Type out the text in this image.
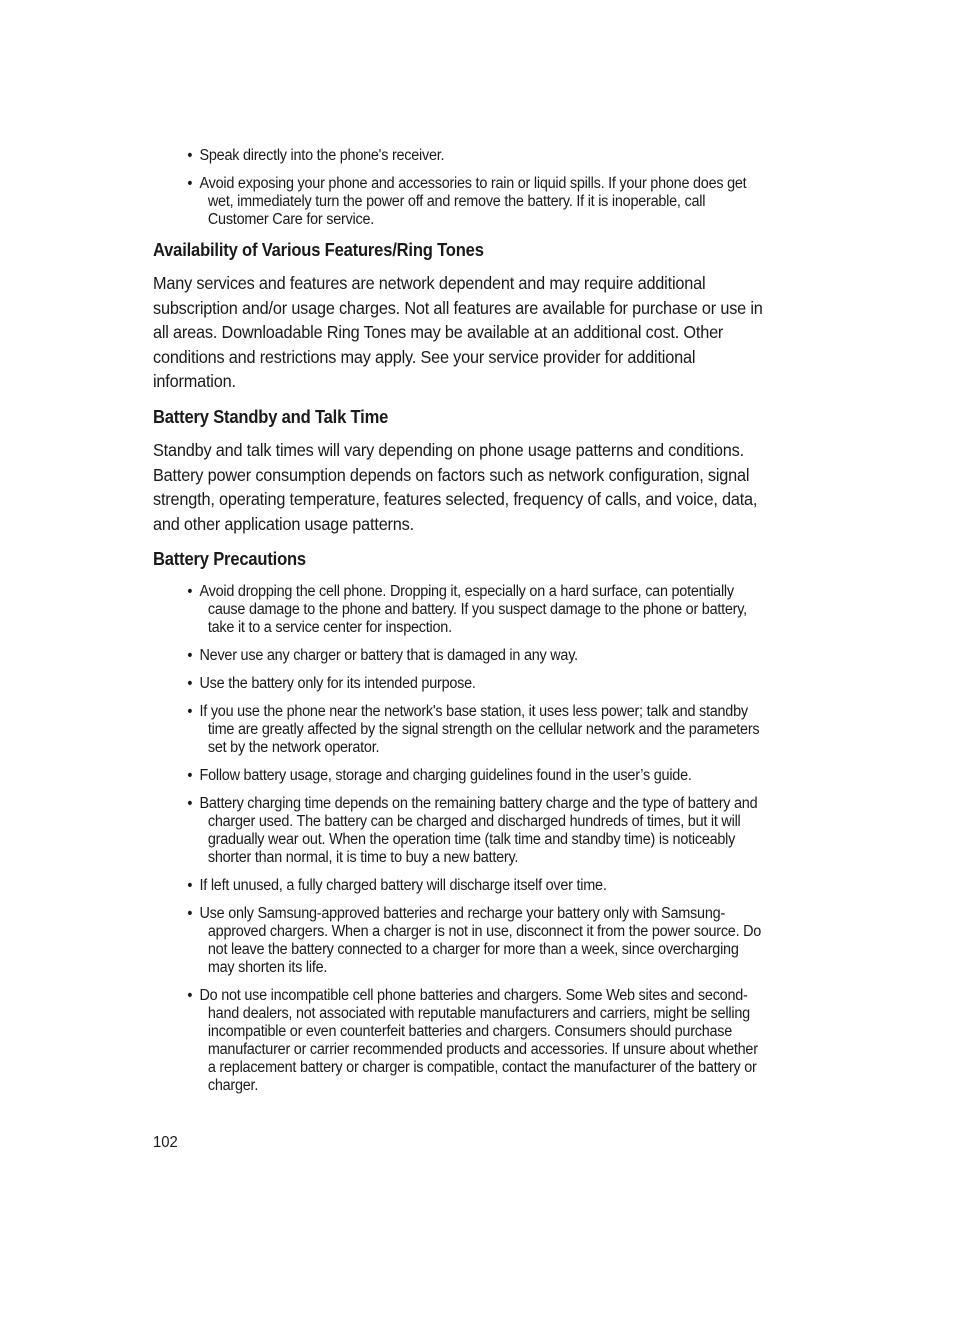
• Speak directly into the phone's receiver.
• Avoid exposing your phone and accessories to rain or liquid spills. If your phone does get wet, immediately turn the power off and remove the battery. If it is inoperable, call Customer Care for service.
Availability of Various Features/Ring Tones

Many services and features are network dependent and may require additional subscription and/or usage charges. Not all features are available for purchase or use in all areas. Downloadable Ring Tones may be available at an additional cost. Other conditions and restrictions may apply. See your service provider for additional information.

Battery Standby and Talk Time

Standby and talk times will vary depending on phone usage patterns and conditions. Battery power consumption depends on factors such as network configuration, signal strength, operating temperature, features selected, frequency of calls, and voice, data, and other application usage patterns.

Battery Precautions
• Avoid dropping the cell phone. Dropping it, especially on a hard surface, can potentially cause damage to the phone and battery. If you suspect damage to the phone or battery, take it to a service center for inspection.
• Never use any charger or battery that is damaged in any way.
• Use the battery only for its intended purpose.
• If you use the phone near the network's base station, it uses less power; talk and standby time are greatly affected by the signal strength on the cellular network and the parameters set by the network operator.
• Follow battery usage, storage and charging guidelines found in the user’s guide.
• Battery charging time depends on the remaining battery charge and the type of battery and charger used. The battery can be charged and discharged hundreds of times, but it will gradually wear out. When the operation time (talk time and standby time) is noticeably shorter than normal, it is time to buy a new battery.
• If left unused, a fully charged battery will discharge itself over time.
• Use only Samsung-approved batteries and recharge your battery only with Samsung-approved chargers. When a charger is not in use, disconnect it from the power source. Do not leave the battery connected to a charger for more than a week, since overcharging may shorten its life.
• Do not use incompatible cell phone batteries and chargers. Some Web sites and second-hand dealers, not associated with reputable manufacturers and carriers, might be selling incompatible or even counterfeit batteries and chargers. Consumers should purchase manufacturer or carrier recommended products and accessories. If unsure about whether a replacement battery or charger is compatible, contact the manufacturer of the battery or charger.
102
